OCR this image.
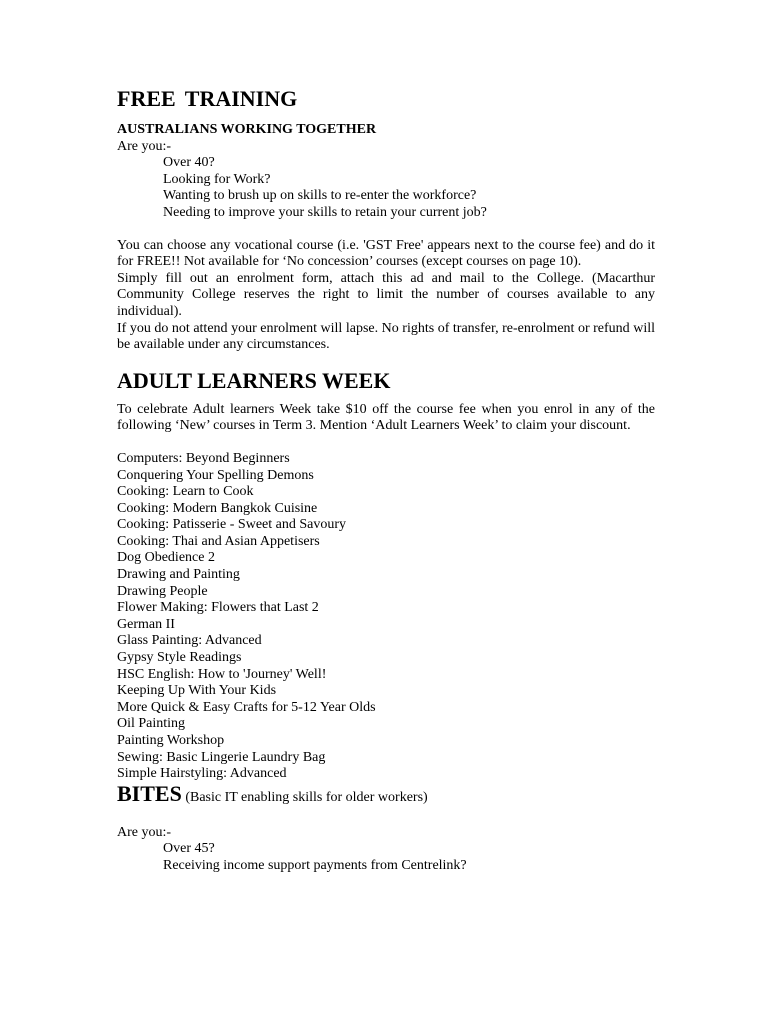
FREE TRAINING
AUSTRALIANS WORKING TOGETHER
Are you:-
Over 40?
Looking for Work?
Wanting to brush up on skills to re-enter the workforce?
Needing to improve your skills to retain your current job?

You can choose any vocational course (i.e. 'GST Free' appears next to the course fee) and do it for FREE!! Not available for ‘No concession’ courses (except courses on page 10).

Simply fill out an enrolment form, attach this ad and mail to the College. (Macarthur Community College reserves the right to limit the number of courses available to any individual).

If you do not attend your enrolment will lapse. No rights of transfer, re-enrolment or refund will be available under any circumstances.

ADULT LEARNERS WEEK

To celebrate Adult learners Week take $10 off the course fee when you enrol in any of the following ‘New’ courses in Term 3. Mention ‘Adult Learners Week’ to claim your discount.

Computers: Beyond Beginners
Conquering Your Spelling Demons
Cooking: Learn to Cook
Cooking: Modern Bangkok Cuisine
Cooking: Patisserie - Sweet and Savoury
Cooking: Thai and Asian Appetisers
Dog Obedience 2
Drawing and Painting
Drawing People
Flower Making: Flowers that Last 2
German II
Glass Painting: Advanced
Gypsy Style Readings
HSC English: How to 'Journey' Well!
Keeping Up With Your Kids
More Quick & Easy Crafts for 5-12 Year Olds
Oil Painting
Painting Workshop
Sewing: Basic Lingerie Laundry Bag
Simple Hairstyling: Advanced
BITES (Basic IT enabling skills for older workers)
Are you:-
Over 45?
Receiving income support payments from Centrelink?
